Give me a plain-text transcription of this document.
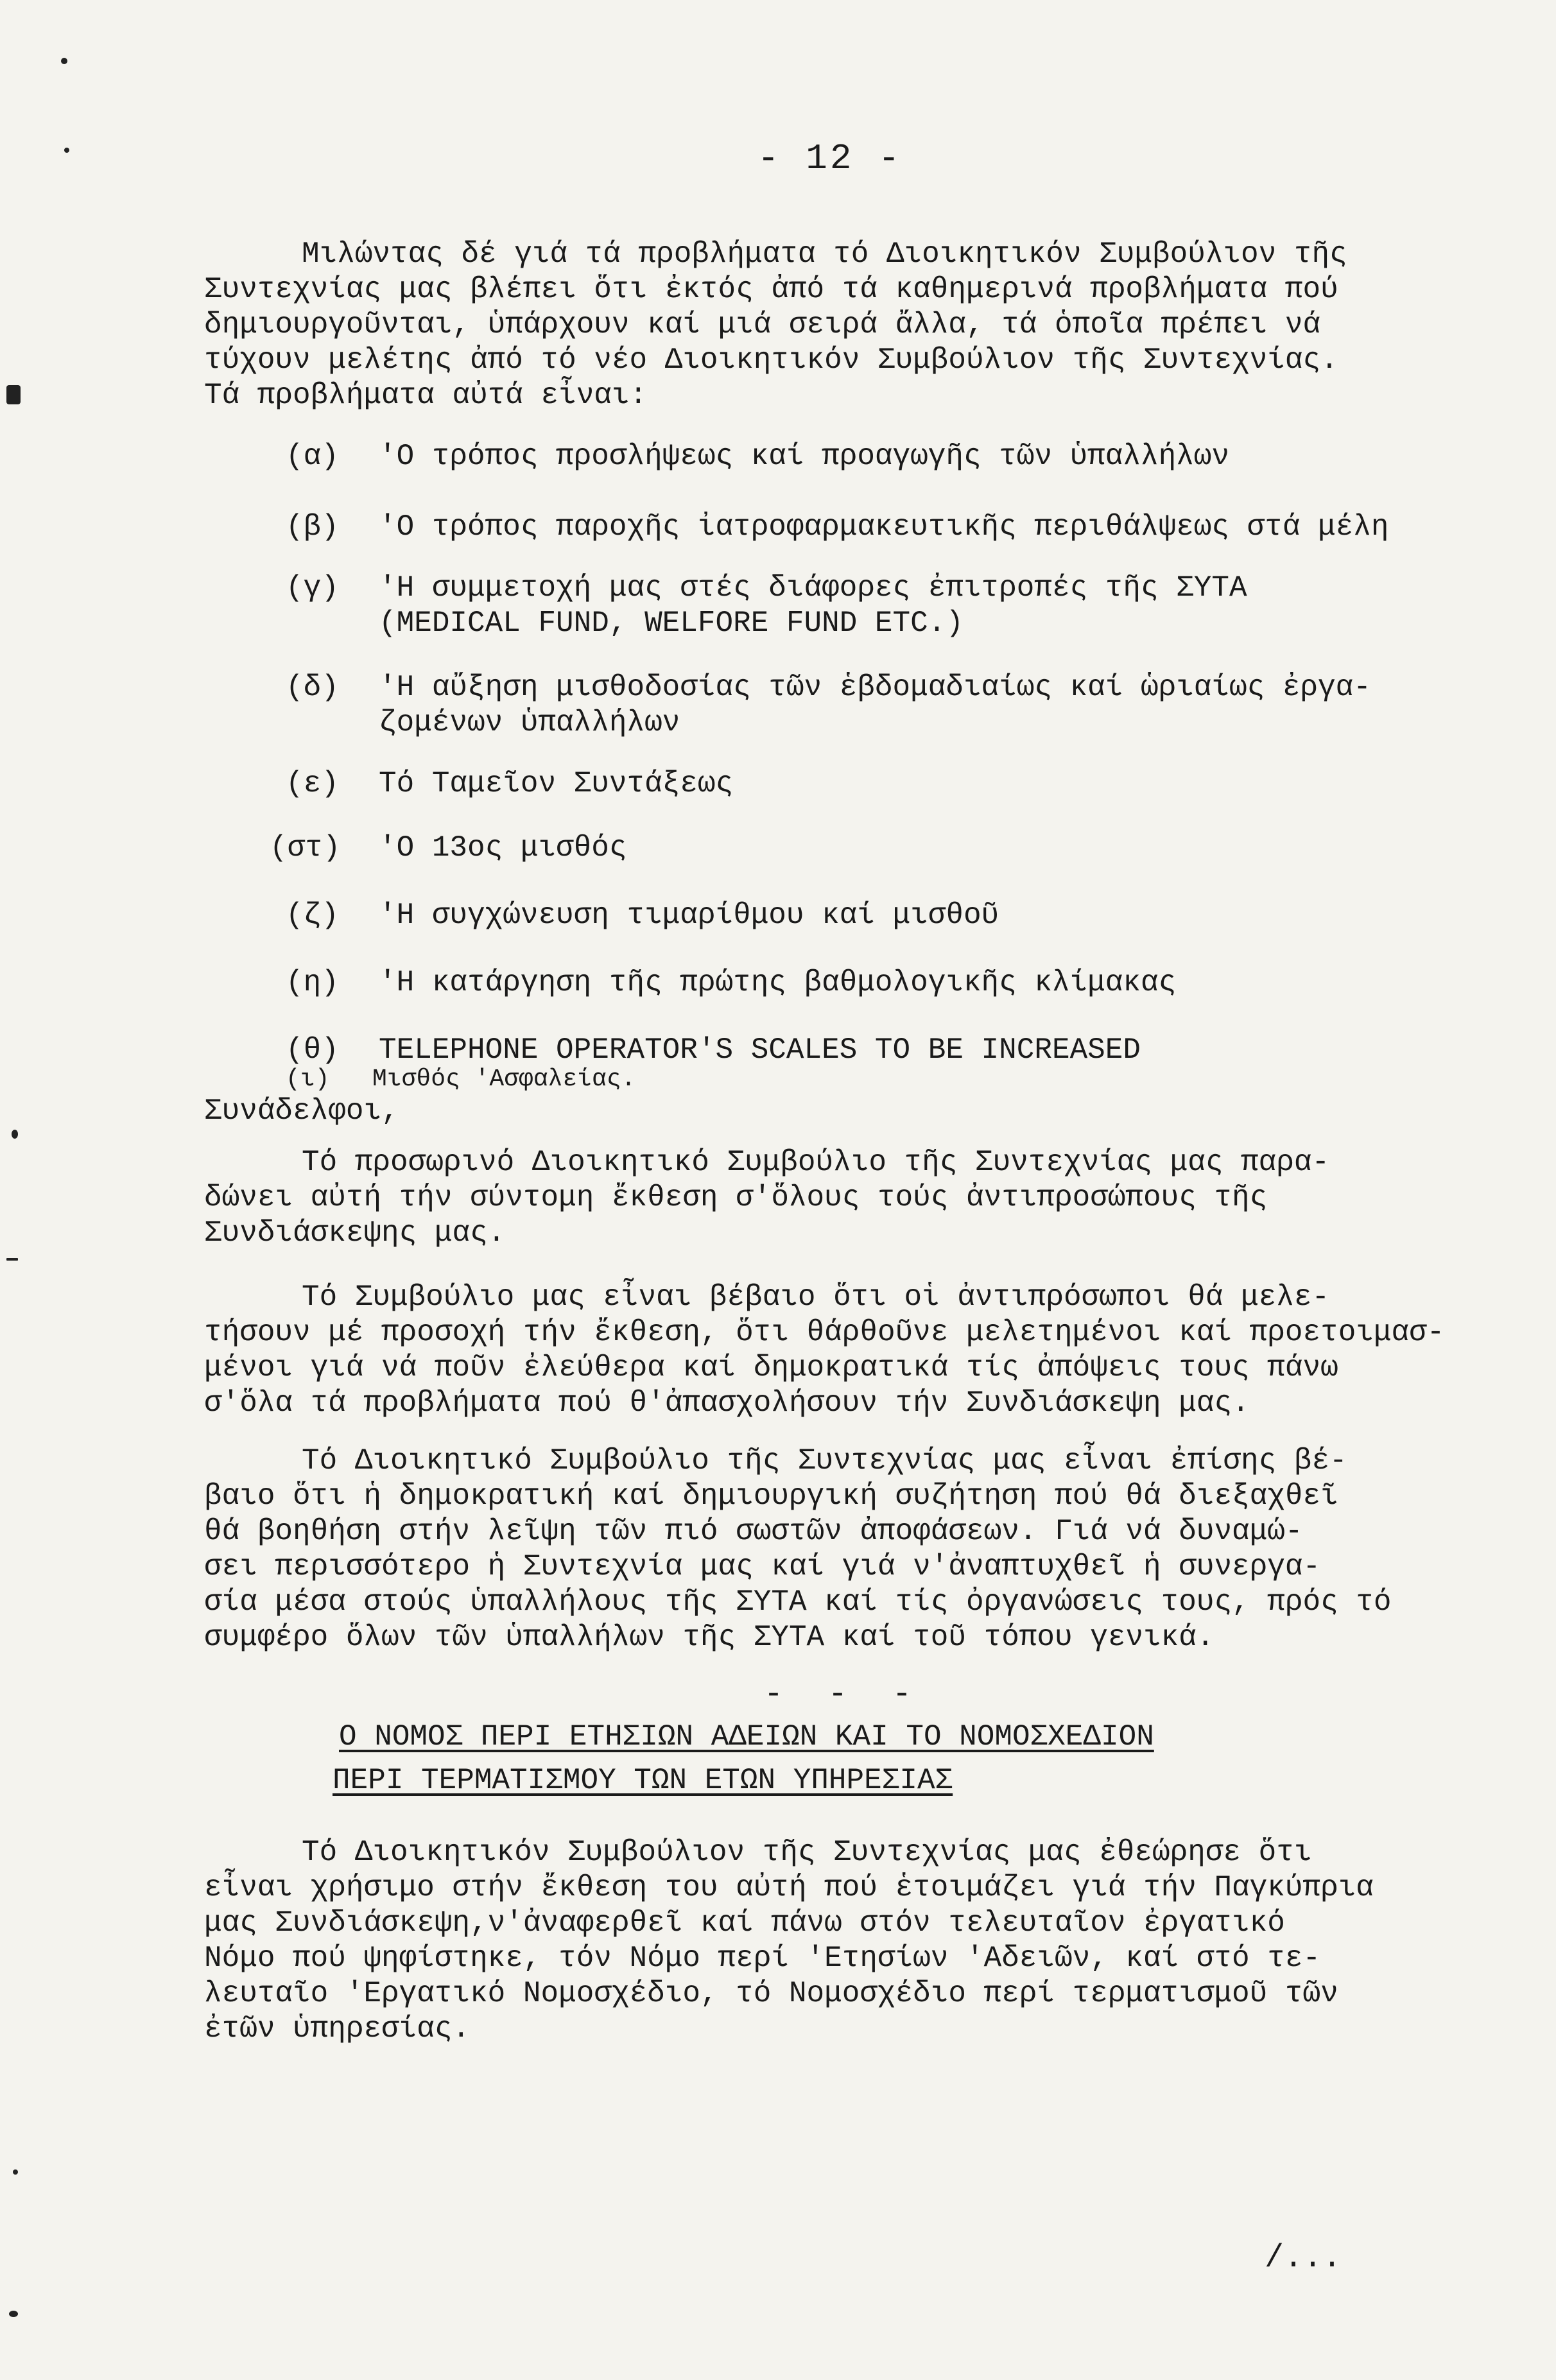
- 12 -
Μιλώντας δέ γιά τά προβλήματα τό Διοικητικόν Συμβούλιον τῆς
Συντεχνίας μας βλέπει ὅτι ἐκτός ἀπό τά καθημερινά προβλήματα πού
δημιουργοῦνται, ὑπάρχουν καί μιά σειρά ἄλλα, τά ὁποῖα πρέπει νά
τύχουν μελέτης ἀπό τό νέο Διοικητικόν Συμβούλιον τῆς Συντεχνίας.
Τά προβλήματα αὐτά εἶναι:
(α) 'Ο τρόπος προσλήψεως καί προαγωγῆς τῶν ὑπαλλήλων
(β) 'Ο τρόπος παροχῆς ἰατροφαρμακευτικῆς περιθάλψεως στά μέλη
(γ) 'Η συμμετοχή μας στές διάφορες ἐπιτροπές τῆς ΣΥΤΑ
(MEDICAL FUND, WELFORE FUND ETC.)
(δ) 'Η αὔξηση μισθοδοσίας τῶν ἑβδομαδιαίως καί ὡριαίως ἐργα-
ζομένων ὑπαλλήλων
(ε) Τό Ταμεῖον Συντάξεως
(στ) 'Ο 13ος μισθός
(ζ) 'Η συγχώνευση τιμαρίθμου καί μισθοῦ
(η) 'Η κατάργηση τῆς πρώτης βαθμολογικῆς κλίμακας
(θ) TELEPHONE OPERATOR'S SCALES TO BE INCREASED
(ι) Μισθός 'Ασφαλείας.
Συνάδελφοι,
Τό προσωρινό Διοικητικό Συμβούλιο τῆς Συντεχνίας μας παρα-
δώνει αὐτή τήν σύντομη ἔκθεση σ'ὅλους τούς ἀντιπροσώπους τῆς
Συνδιάσκεψης μας.
Τό Συμβούλιο μας εἶναι βέβαιο ὅτι οἱ ἀντιπρόσωποι θά μελε-
τήσουν μέ προσοχή τήν ἔκθεση, ὅτι θάρθοῦνε μελετημένοι καί προετοιμασ-
μένοι γιά νά ποῦν ἐλεύθερα καί δημοκρατικά τίς ἀπόψεις τους πάνω
σ'ὅλα τά προβλήματα πού θ'ἀπασχολήσουν τήν Συνδιάσκεψη μας.
Τό Διοικητικό Συμβούλιο τῆς Συντεχνίας μας εἶναι ἐπίσης βέ-
βαιο ὅτι ἡ δημοκρατική καί δημιουργική συζήτηση πού θά διεξαχθεῖ
θά βοηθήση στήν λεῖψη τῶν πιό σωστῶν ἀποφάσεων. Γιά νά δυναμώ-
σει περισσότερο ἡ Συντεχνία μας καί γιά ν'ἀναπτυχθεῖ ἡ συνεργα-
σία μέσα στούς ὑπαλλήλους τῆς ΣΥΤΑ καί τίς ὀργανώσεις τους, πρός τό
συμφέρο ὅλων τῶν ὑπαλλήλων τῆς ΣΥΤΑ καί τοῦ τόπου γενικά.
- - -
Ο ΝΟΜΟΣ ΠΕΡΙ ΕΤΗΣΙΩΝ ΑΔΕΙΩΝ ΚΑΙ ΤΟ ΝΟΜΟΣΧΕΔΙΟΝ
ΠΕΡΙ ΤΕΡΜΑΤΙΣΜΟΥ ΤΩΝ ΕΤΩΝ ΥΠΗΡΕΣΙΑΣ
Τό Διοικητικόν Συμβούλιον τῆς Συντεχνίας μας ἐθεώρησε ὅτι
εἶναι χρήσιμο στήν ἔκθεση του αὐτή πού ἑτοιμάζει γιά τήν Παγκύπρια
μας Συνδιάσκεψη,ν'ἀναφερθεῖ καί πάνω στόν τελευταῖον ἐργατικό
Νόμο πού ψηφίστηκε, τόν Νόμο περί 'Ετησίων 'Αδειῶν, καί στό τε-
λευταῖο 'Εργατικό Νομοσχέδιο, τό Νομοσχέδιο περί τερματισμοῦ τῶν
ἐτῶν ὑπηρεσίας.
/...
